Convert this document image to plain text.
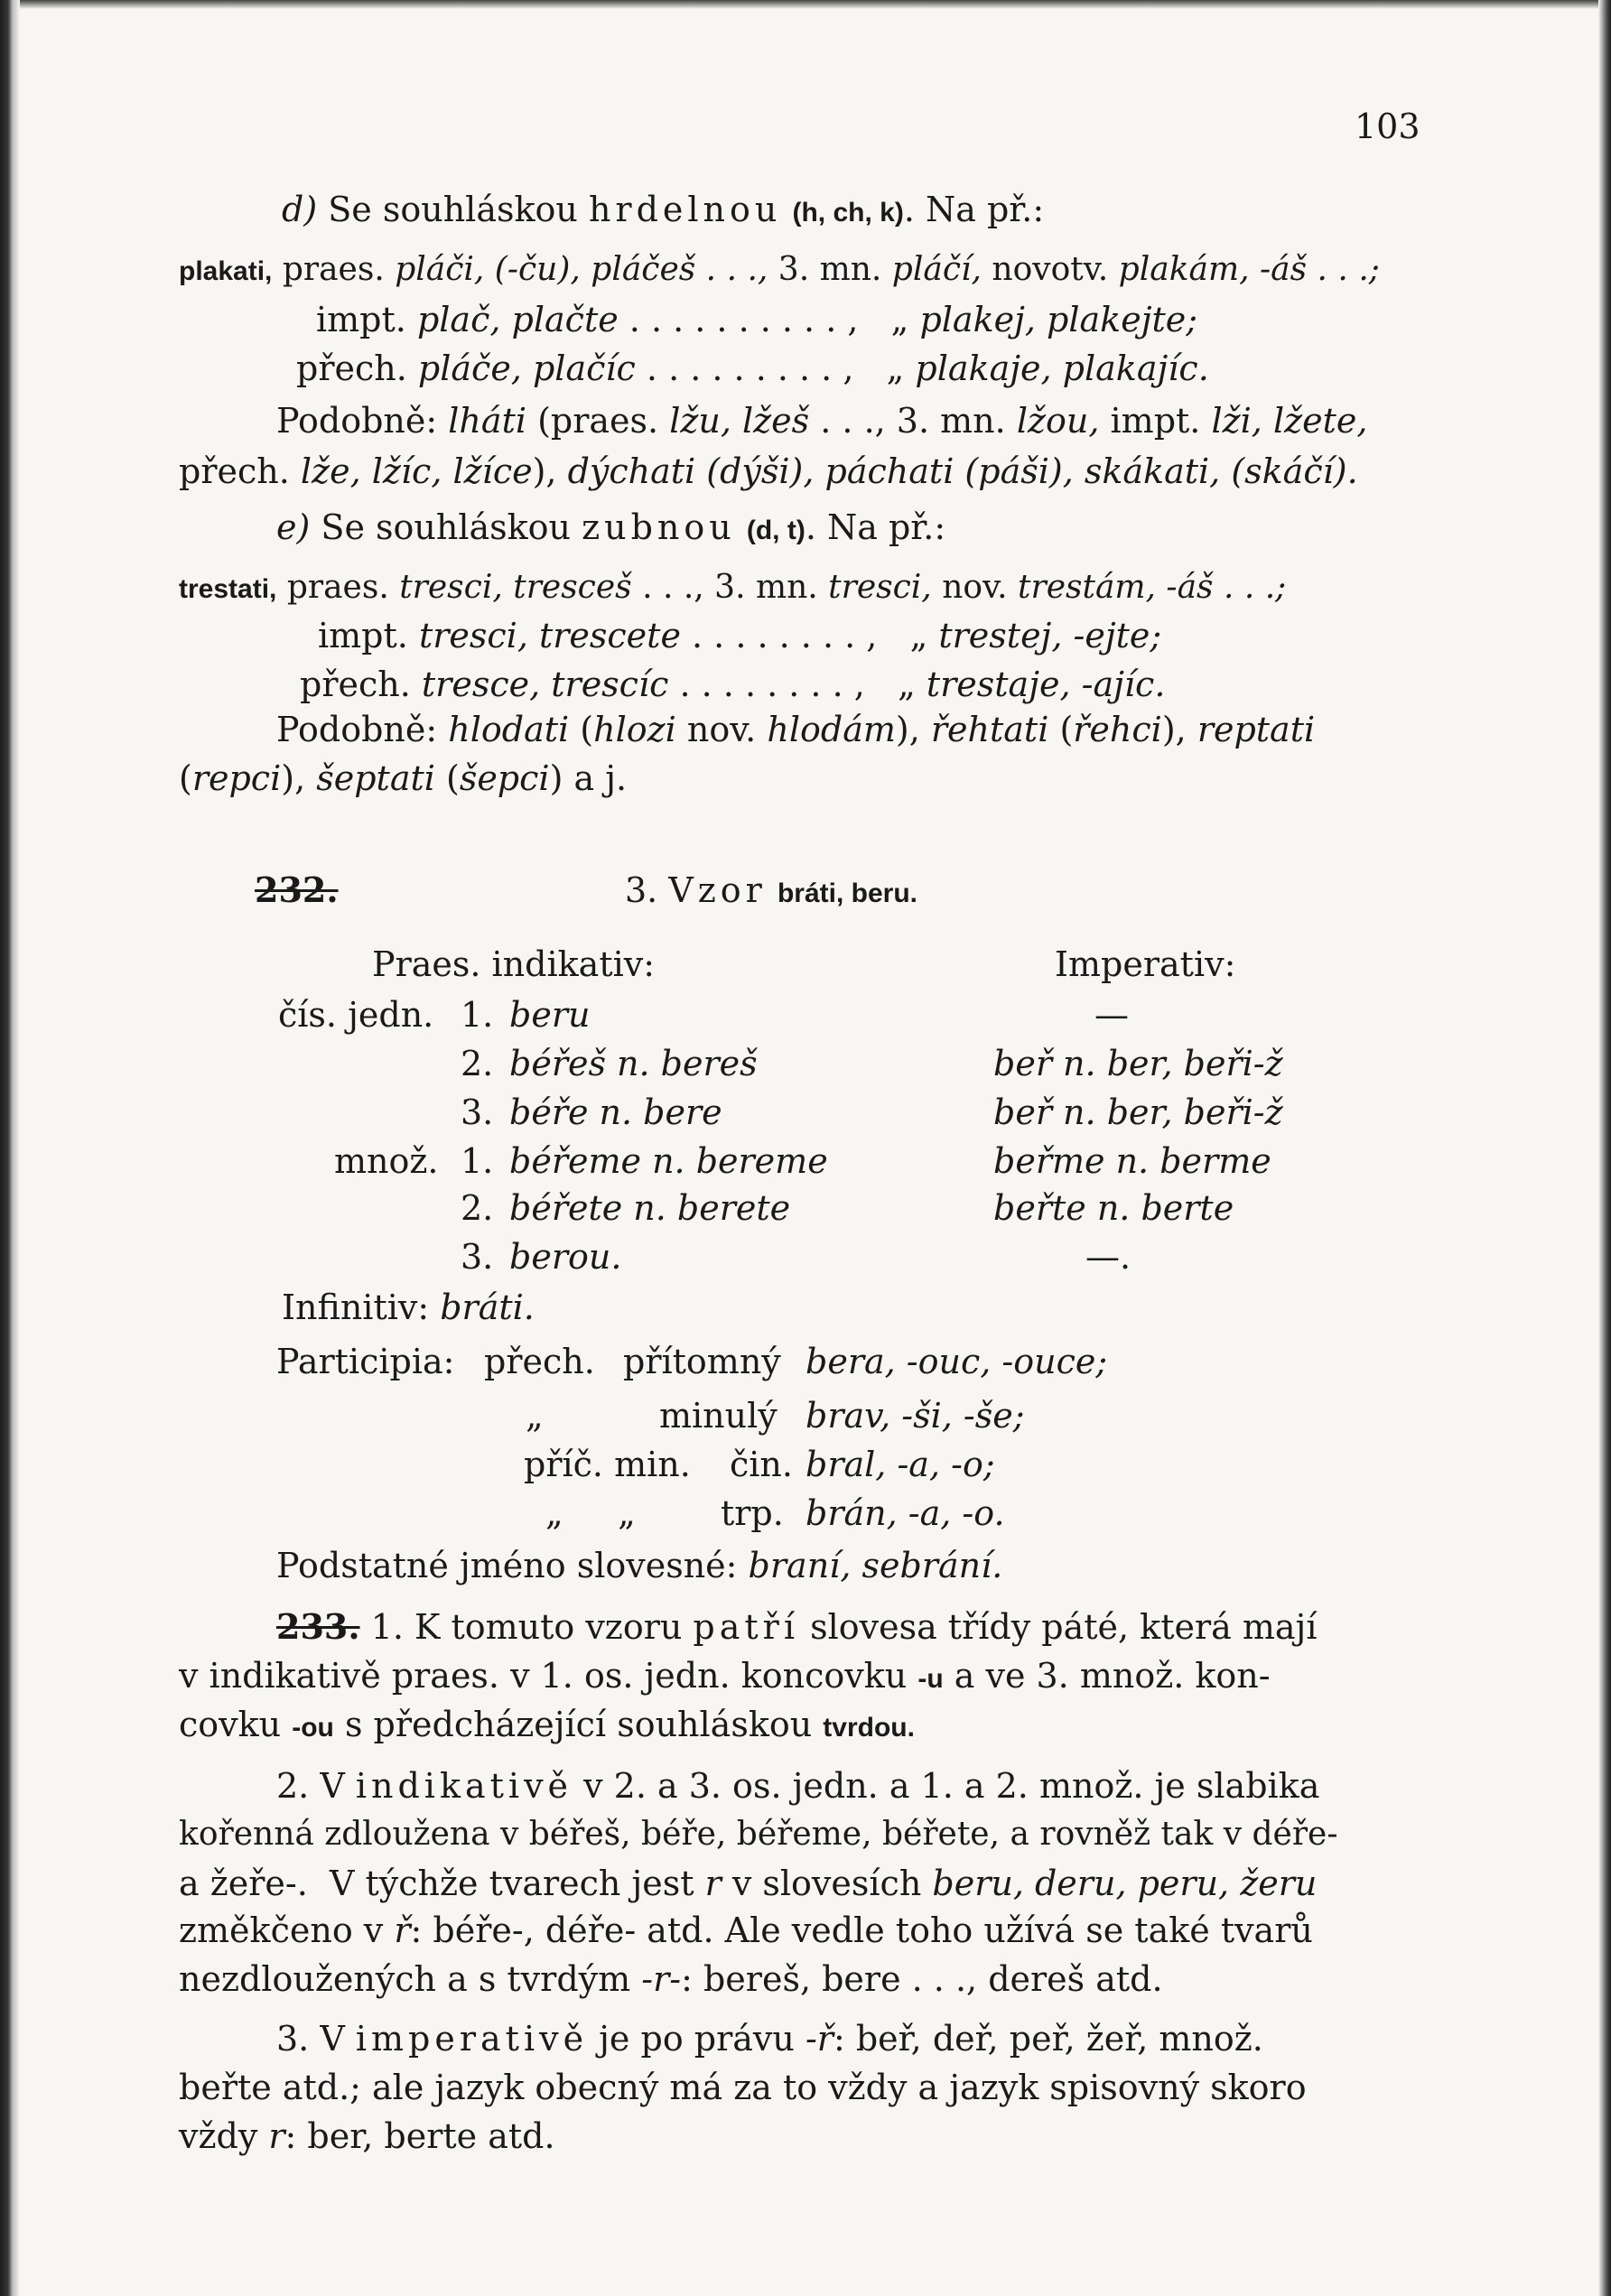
103
d) Se souhláskou hrdelnou (h, ch, k). Na př.:
plakati, praes. pláči, (-ču), pláčeš . . ., 3. mn. pláčí, novotv. plakám, -áš . . .;
impt. plač, plačte . . . . . . . . . . ,   „ plakej, plakejte;
přech. pláče, plačíc . . . . . . . . . ,   „ plakaje, plakajíc.
Podobně: lháti (praes. lžu, lžeš . . ., 3. mn. lžou, impt. lži, lžete,
přech. lže, lžíc, lžíce), dýchati (dýši), páchati (páši), skákati, (skáčí).
e) Se souhláskou zubnou (d, t). Na př.:
trestati, praes. tresci, tresceš . . ., 3. mn. tresci, nov. trestám, -áš . . .;
impt. tresci, trescete . . . . . . . . ,   „ trestej, -ejte;
přech. tresce, trescíc . . . . . . . . ,   „ trestaje, -ajíc.
Podobně: hlodati (hlozi nov. hlodám), řehtati (řehci), reptati
(repci), šeptati (šepci) a j.
232.	3. Vzor bráti, beru.
Praes. indikativ:	Imperativ:
čís. jedn. 1. beru	—
2. béřeš n. bereš	beř n. ber, beři-ž
3. béře n. bere	beř n. ber, beři-ž
množ. 1. béřeme n. bereme	beřme n. berme
2. béřete n. berete	beřte n. berte
3. berou.	—.
Infinitiv: bráti.
Participia: přech. přítomný bera, -ouc, -ouce;
„	minulý brav, -ši, -še;
příč. min. čin. bral, -a, -o;
„     „ trp. brán, -a, -o.
Podstatné jméno slovesné: braní, sebrání.
233. 1. K tomuto vzoru patří slovesa třídy páté, která mají
v indikativě praes. v 1. os. jedn. koncovku -u a ve 3. množ. kon-
covku -ou s předcházející souhláskou tvrdou.
2. V indikativě v 2. a 3. os. jedn. a 1. a 2. množ. je slabika
kořenná zdloužena v béřeš, béře, béřeme, béřete, a rovněž tak v déře-
a žeře-.  V týchže tvarech jest r v slovesích beru, deru, peru, žeru
změkčeno v ř: béře-, déře- atd. Ale vedle toho užívá se také tvarů
nezdloužených a s tvrdým -r-: bereš, bere . . ., dereš atd.
3. V imperativě je po právu -ř: beř, deř, peř, žeř, množ.
beřte atd.; ale jazyk obecný má za to vždy a jazyk spisovný skoro
vždy r: ber, berte atd.
